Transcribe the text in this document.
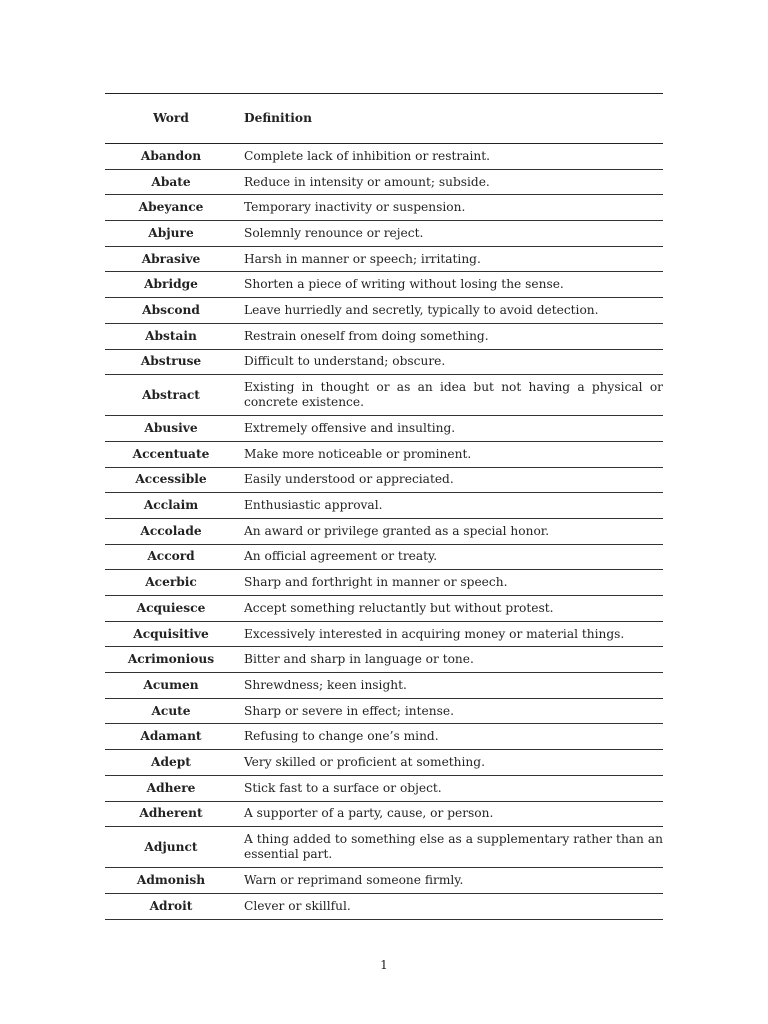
Word	Definition
Abandon	Complete lack of inhibition or restraint.
Abate	Reduce in intensity or amount; subside.
Abeyance	Temporary inactivity or suspension.
Abjure	Solemnly renounce or reject.
Abrasive	Harsh in manner or speech; irritating.
Abridge	Shorten a piece of writing without losing the sense.
Abscond	Leave hurriedly and secretly, typically to avoid detection.
Abstain	Restrain oneself from doing something.
Abstruse	Difficult to understand; obscure.
Abstract	Existing in thought or as an idea but not having a physical or concrete existence.
Abusive	Extremely offensive and insulting.
Accentuate	Make more noticeable or prominent.
Accessible	Easily understood or appreciated.
Acclaim	Enthusiastic approval.
Accolade	An award or privilege granted as a special honor.
Accord	An official agreement or treaty.
Acerbic	Sharp and forthright in manner or speech.
Acquiesce	Accept something reluctantly but without protest.
Acquisitive	Excessively interested in acquiring money or material things.
Acrimonious	Bitter and sharp in language or tone.
Acumen	Shrewdness; keen insight.
Acute	Sharp or severe in effect; intense.
Adamant	Refusing to change one’s mind.
Adept	Very skilled or proficient at something.
Adhere	Stick fast to a surface or object.
Adherent	A supporter of a party, cause, or person.
Adjunct	A thing added to something else as a supplementary rather than an essential part.
Admonish	Warn or reprimand someone firmly.
Adroit	Clever or skillful.
1
